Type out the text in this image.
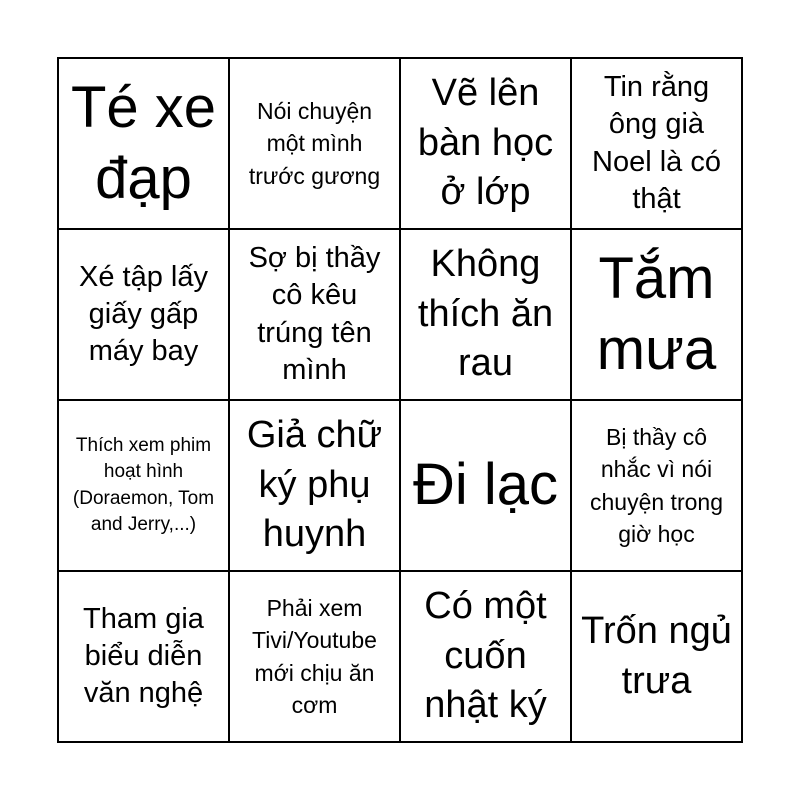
Té xe đạp
Nói chuyện một mình trước gương
Vẽ lên bàn học ở lớp
Tin rằng ông già Noel là có thật
Xé tập lấy giấy gấp máy bay
Sợ bị thầy cô kêu trúng tên mình
Không thích ăn rau
Tắm mưa
Thích xem phim hoạt hình (Doraemon, Tom and Jerry,...)
Giả chữ ký phụ huynh
Đi lạc
Bị thầy cô nhắc vì nói chuyện trong giờ học
Tham gia biểu diễn văn nghệ
Phải xem Tivi/Youtube mới chịu ăn cơm
Có một cuốn nhật ký
Trốn ngủ trưa
